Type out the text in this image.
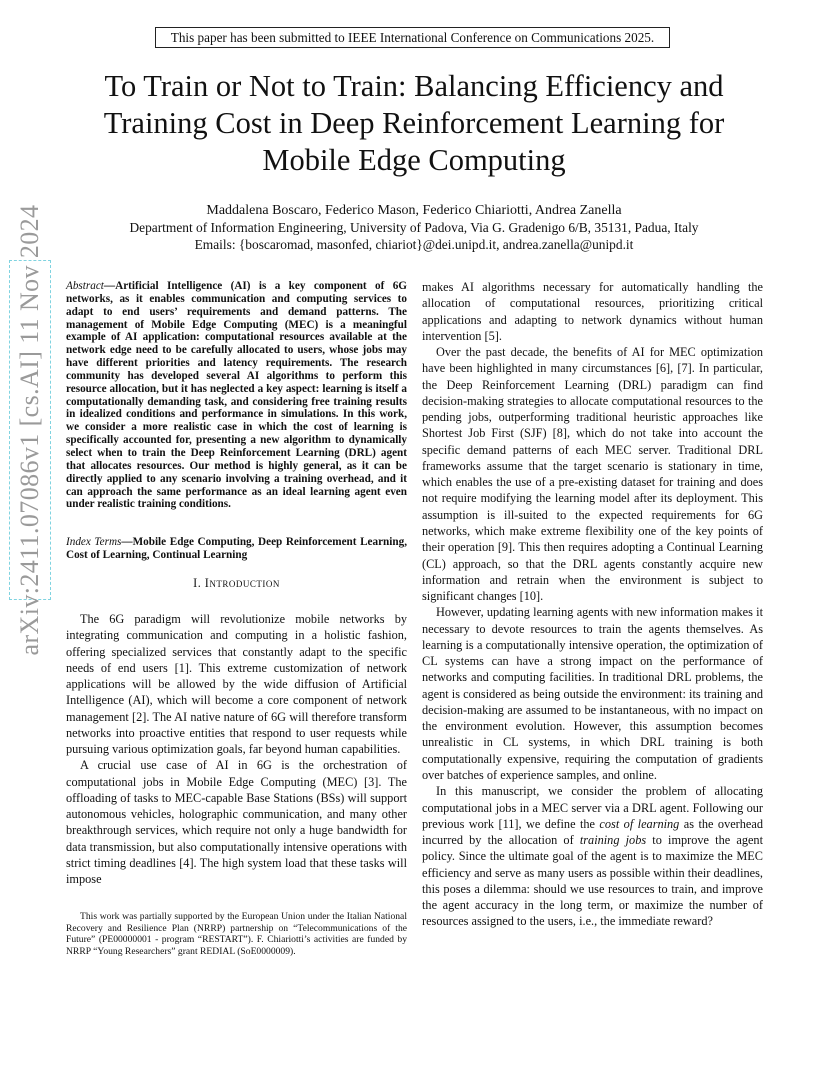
This paper has been submitted to IEEE International Conference on Communications 2025.
To Train or Not to Train: Balancing Efficiency and
Training Cost in Deep Reinforcement Learning for
Mobile Edge Computing
Maddalena Boscaro, Federico Mason, Federico Chiariotti, Andrea Zanella
Department of Information Engineering, University of Padova, Via G. Gradenigo 6/B, 35131, Padua, Italy
Emails: {boscaromad, masonfed, chiariot}@dei.unipd.it, andrea.zanella@unipd.it
arXiv:2411.07086v1 [cs.AI] 11 Nov 2024 Abstract—Artificial Intelligence (AI) is a key component of 6G networks, as it enables communication and computing services to adapt to end users’ requirements and demand patterns. The management of Mobile Edge Computing (MEC) is a meaningful example of AI application: computational resources available at the network edge need to be carefully allocated to users, whose jobs may have different priorities and latency requirements. The research community has developed several AI algorithms to perform this resource allocation, but it has neglected a key aspect: learning is itself a computationally demanding task, and considering free training results in idealized conditions and performance in simulations. In this work, we consider a more realistic case in which the cost of learning is specifically accounted for, presenting a new algorithm to dynamically select when to train the Deep Reinforcement Learning (DRL) agent that allocates resources. Our method is highly general, as it can be directly applied to any scenario involving a training overhead, and it can approach the same performance as an ideal learning agent even under realistic training conditions.
Index Terms—Mobile Edge Computing, Deep Reinforcement Learning, Cost of Learning, Continual Learning
I. Introduction

The 6G paradigm will revolutionize mobile networks by integrating communication and computing in a holistic fashion, offering specialized services that constantly adapt to the specific needs of end users [1]. This extreme customization of network applications will be allowed by the wide diffusion of Artificial Intelligence (AI), which will become a core component of network management [2]. The AI native nature of 6G will therefore transform networks into proactive entities that respond to user requests while pursuing various optimization goals, far beyond human capabilities.

A crucial use case of AI in 6G is the orchestration of computational jobs in Mobile Edge Computing (MEC) [3]. The offloading of tasks to MEC-capable Base Stations (BSs) will support autonomous vehicles, holographic communication, and many other breakthrough services, which require not only a huge bandwidth for data transmission, but also computationally intensive operations with strict timing deadlines [4]. The high system load that these tasks will impose

This work was partially supported by the European Union under the Italian National Recovery and Resilience Plan (NRRP) partnership on “Telecommunications of the Future” (PE00000001 - program “RESTART”). F. Chiariotti’s activities are funded by NRRP “Young Researchers” grant REDIAL (SoE0000009).

makes AI algorithms necessary for automatically handling the allocation of computational resources, prioritizing critical applications and adapting to network dynamics without human intervention [5].

Over the past decade, the benefits of AI for MEC optimization have been highlighted in many circumstances [6], [7]. In particular, the Deep Reinforcement Learning (DRL) paradigm can find decision-making strategies to allocate computational resources to the pending jobs, outperforming traditional heuristic approaches like Shortest Job First (SJF) [8], which do not take into account the specific demand patterns of each MEC server. Traditional DRL frameworks assume that the target scenario is stationary in time, which enables the use of a pre-existing dataset for training and does not require modifying the learning model after its deployment. This assumption is ill-suited to the expected requirements for 6G networks, which make extreme flexibility one of the key points of their operation [9]. This then requires adopting a Continual Learning (CL) approach, so that the DRL agents constantly acquire new information and retrain when the environment is subject to significant changes [10].

However, updating learning agents with new information makes it necessary to devote resources to train the agents themselves. As learning is a computationally intensive operation, the optimization of CL systems can have a strong impact on the performance of networks and computing facilities. In traditional DRL problems, the agent is considered as being outside the environment: its training and decision-making are assumed to be instantaneous, with no impact on the environment evolution. However, this assumption becomes unrealistic in CL systems, in which DRL training is both computationally expensive, requiring the computation of gradients over batches of experience samples, and online.

In this manuscript, we consider the problem of allocating computational jobs in a MEC server via a DRL agent. Following our previous work [11], we define the cost of learning as the overhead incurred by the allocation of training jobs to improve the agent policy. Since the ultimate goal of the agent is to maximize the MEC efficiency and serve as many users as possible within their deadlines, this poses a dilemma: should we use resources to train, and improve the agent accuracy in the long term, or maximize the number of resources assigned to the users, i.e., the immediate reward?
